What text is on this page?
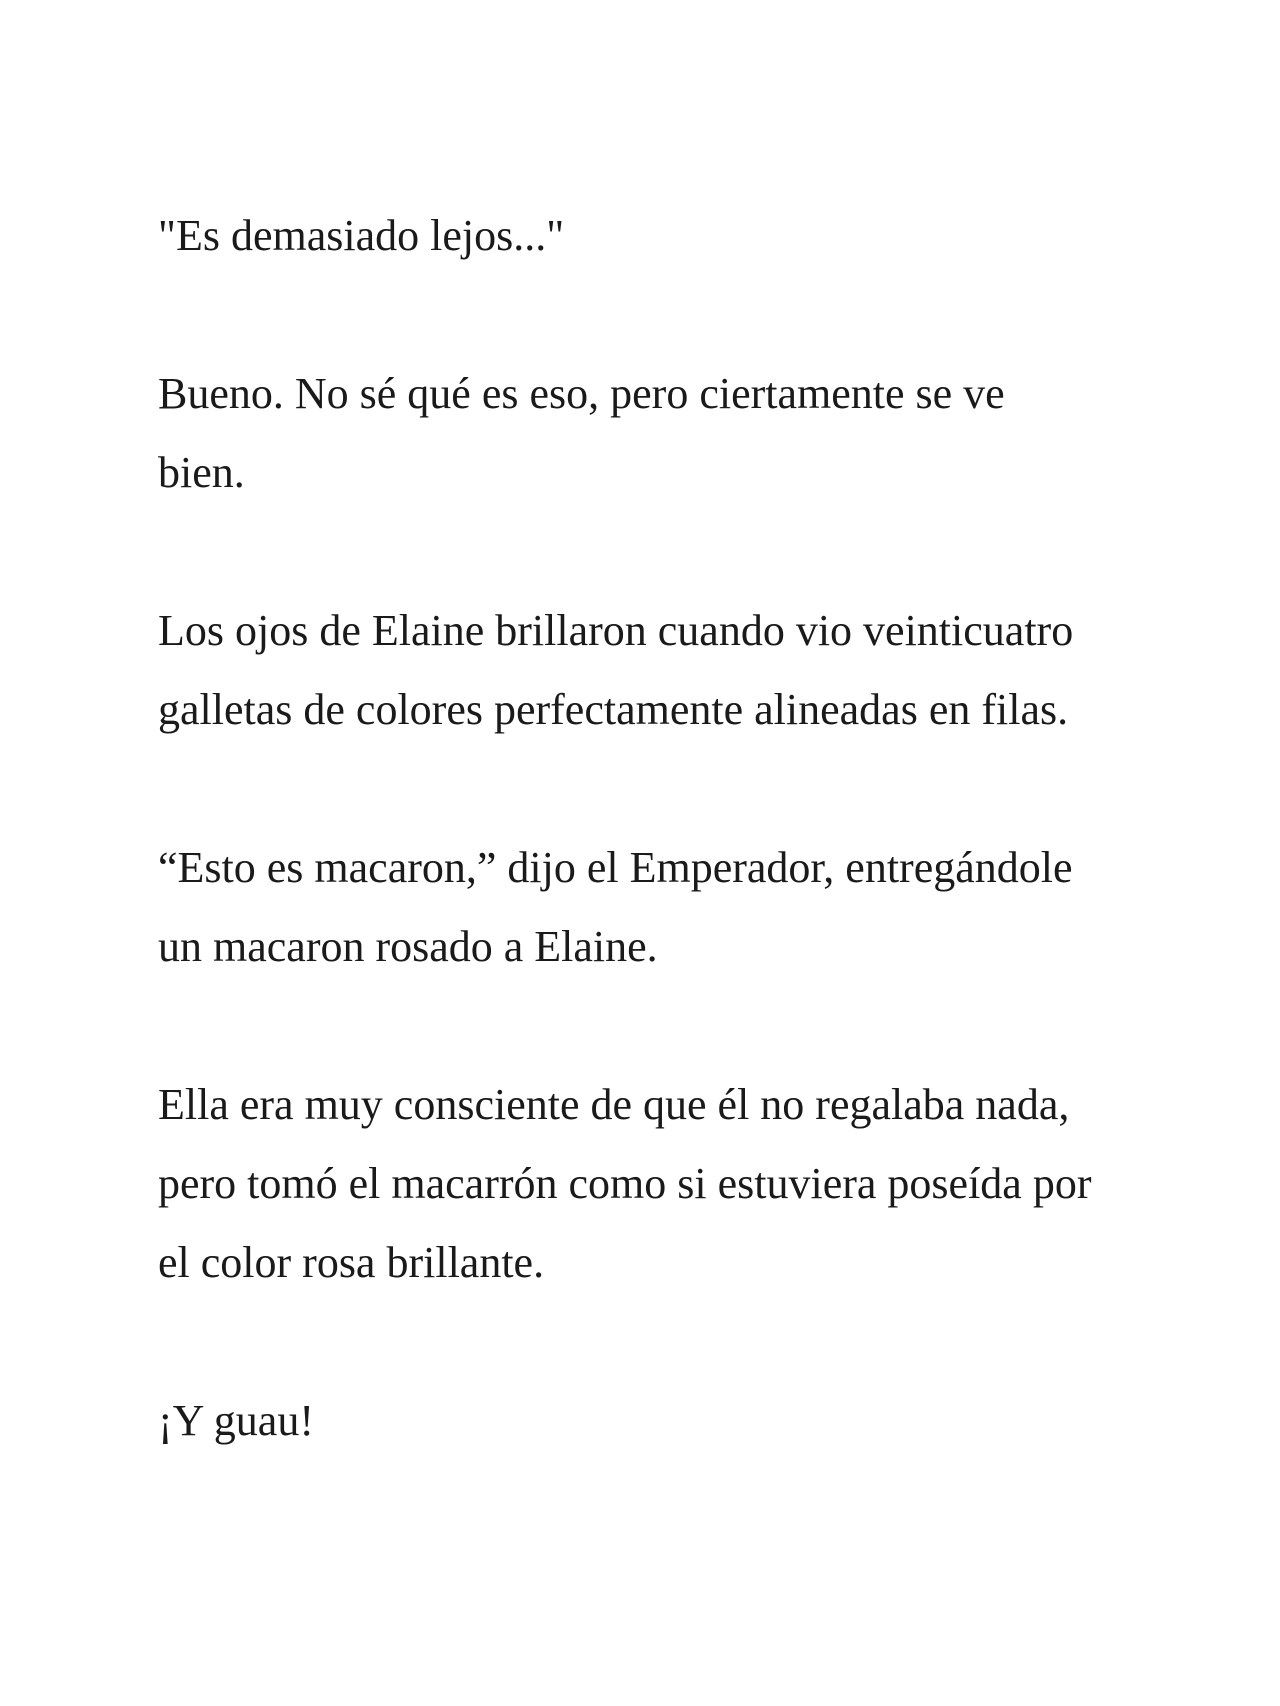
"Es demasiado lejos..."

Bueno. No sé qué es eso, pero ciertamente se ve bien.

Los ojos de Elaine brillaron cuando vio veinticuatro galletas de colores perfectamente alineadas en filas.

“Esto es macaron,” dijo el Emperador, entregándole un macaron rosado a Elaine.

Ella era muy consciente de que él no regalaba nada, pero tomó el macarrón como si estuviera poseída por el color rosa brillante.

¡Y guau!
